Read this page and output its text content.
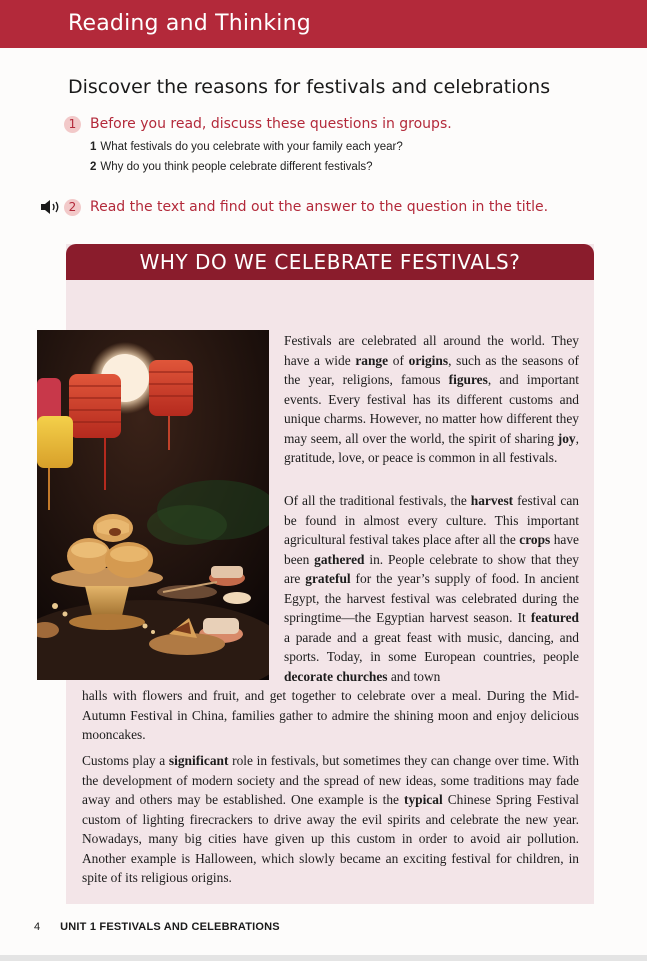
Reading and Thinking
Discover the reasons for festivals and celebrations
1 Before you read, discuss these questions in groups.
1 What festivals do you celebrate with your family each year?
2 Why do you think people celebrate different festivals?
2 Read the text and find out the answer to the question in the title.
WHY DO WE CELEBRATE FESTIVALS?

Festivals are celebrated all around the world. They have a wide range of origins, such as the seasons of the year, religions, famous figures, and important events. Every festival has its different customs and unique charms. However, no matter how different they may seem, all over the world, the spirit of sharing joy, gratitude, love, or peace is common in all festivals.

Of all the traditional festivals, the harvest festival can be found in almost every culture. This important agricultural festival takes place after all the crops have been gathered in. People celebrate to show that they are grateful for the year’s supply of food. In ancient Egypt, the harvest festival was celebrated during the springtime—the Egyptian harvest season. It featured a parade and a great feast with music, dancing, and sports. Today, in some European countries, people decorate churches and town

halls with flowers and fruit, and get together to celebrate over a meal. During the Mid-Autumn Festival in China, families gather to admire the shining moon and enjoy delicious mooncakes.

Customs play a significant role in festivals, but sometimes they can change over time. With the development of modern society and the spread of new ideas, some traditions may fade away and others may be established. One example is the typical Chinese Spring Festival custom of lighting firecrackers to drive away the evil spirits and celebrate the new year. Nowadays, many big cities have given up this custom in order to avoid air pollution. Another example is Halloween, which slowly became an exciting festival for children, in spite of its religious origins.

4 UNIT 1 FESTIVALS AND CELEBRATIONS
